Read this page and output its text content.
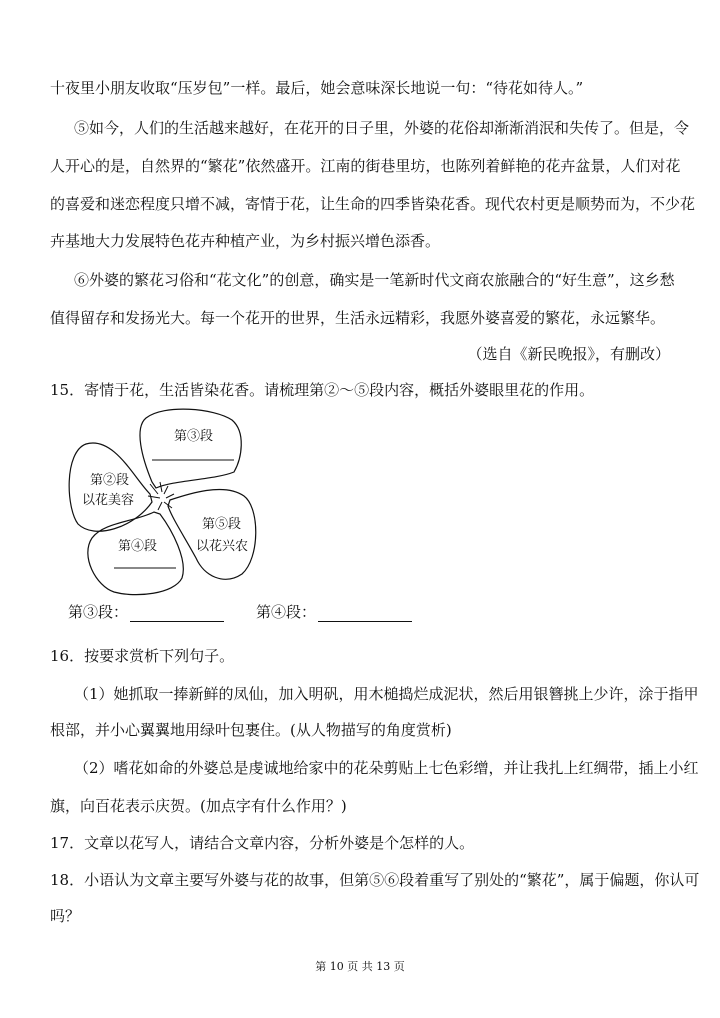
十夜里小朋友收取“压岁包”一样。最后，她会意味深长地说一句：“待花如待人。”
⑤如今，人们的生活越来越好，在花开的日子里，外婆的花俗却渐渐消泯和失传了。但是，令
人开心的是，自然界的“繁花”依然盛开。江南的街巷里坊，也陈列着鲜艳的花卉盆景，人们对花
的喜爱和迷恋程度只增不减，寄情于花，让生命的四季皆染花香。现代农村更是顺势而为，不少花
卉基地大力发展特色花卉种植产业，为乡村振兴增色添香。
⑥外婆的繁花习俗和“花文化”的创意，确实是一笔新时代文商农旅融合的“好生意”，这乡愁
值得留存和发扬光大。每一个花开的世界，生活永远精彩，我愿外婆喜爱的繁花，永远繁华。
（选自《新民晚报》，有删改）
15．寄情于花，生活皆染花香。请梳理第②～⑤段内容，概括外婆眼里花的作用。
第③段
第②段
以花美容
第⑤段
以花兴农
第④段
第③段：	第④段：
16．按要求赏析下列句子。
（1）她抓取一捧新鲜的凤仙，加入明矾，用木槌捣烂成泥状，然后用银簪挑上少许，涂于指甲
根部，并小心翼翼地用绿叶包裹住。(从人物描写的角度赏析)
（2）嗜花如命的外婆总是虔诚地给家中的花朵剪贴上七色彩缯，并让我扎上红绸带，插上小红
旗，向百花表示庆贺。(加点字有什么作用？)
17．文章以花写人，请结合文章内容，分析外婆是个怎样的人。
18．小语认为文章主要写外婆与花的故事，但第⑤⑥段着重写了别处的“繁花”，属于偏题，你认可
吗？
第 10 页 共 13 页
